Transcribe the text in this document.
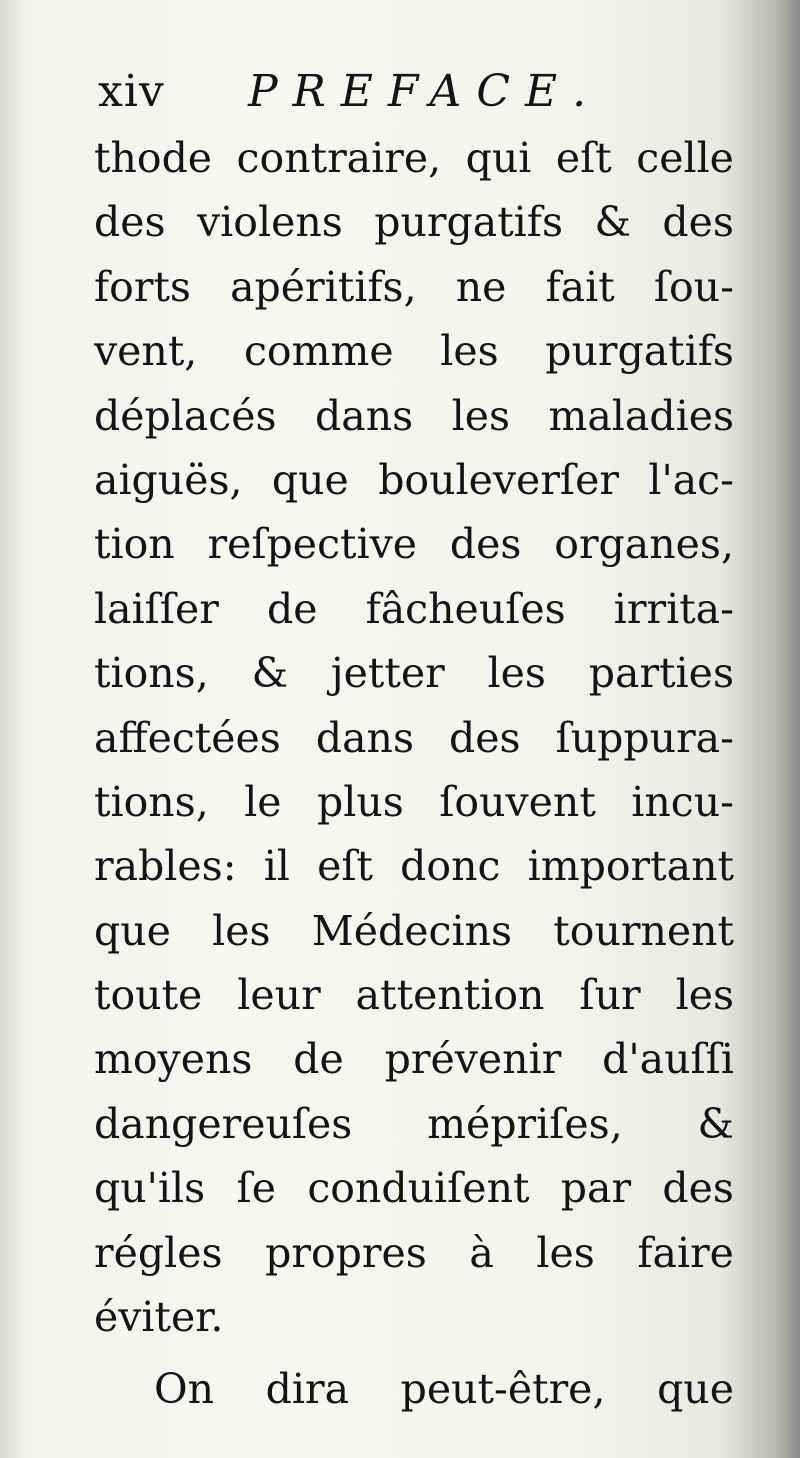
xiv PREFACE.
thode contraire, qui eſt celle
des violens purgatifs & des
forts apéritifs, ne fait ſou-
vent, comme les purgatifs
déplacés dans les maladies
aiguës, que bouleverſer l'ac-
tion reſpective des organes,
laiſſer de fâcheuſes irrita-
tions, & jetter les parties
affectées dans des ſuppura-
tions, le plus ſouvent incu-
rables: il eſt donc important
que les Médecins tournent
toute leur attention ſur les
moyens de prévenir d'auſſi
dangereuſes mépriſes, &
qu'ils ſe conduiſent par des
régles propres à les faire
éviter.
On dira peut-être, que
